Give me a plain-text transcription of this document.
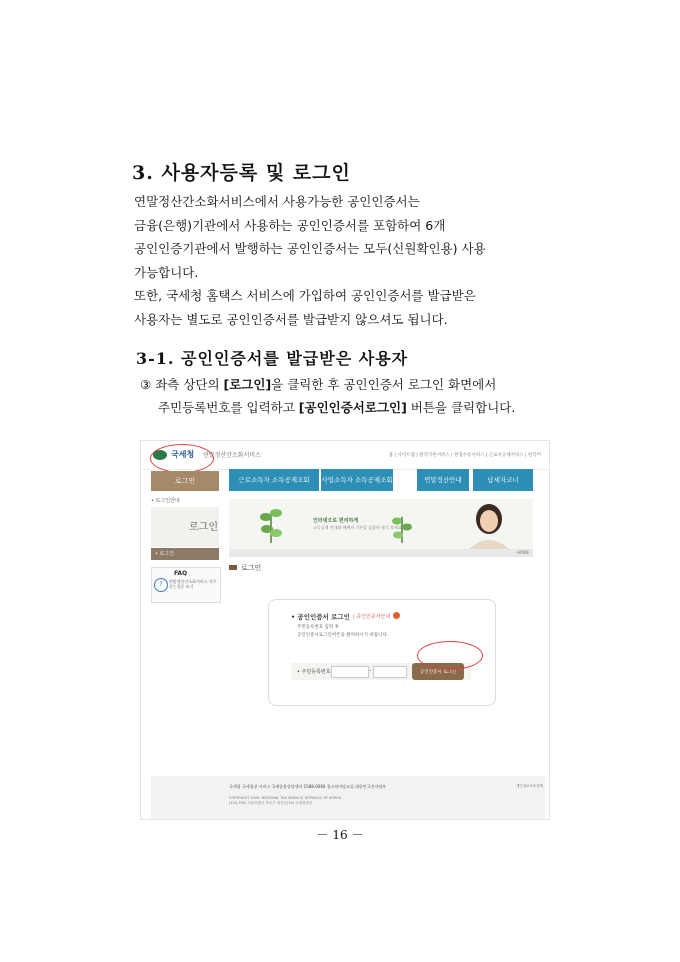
3. 사용자등록 및 로그인

연말정산간소화서비스에서 사용가능한 공인인증서는

금융(은행)기관에서 사용하는 공인인증서를 포함하여 6개

공인인증기관에서 발행하는 공인인증서는 모두(신원확인용) 사용

가능합니다.

또한, 국세청 홈택스 서비스에 가입하여 공인인증서를 발급받은

사용자는 별도로 공인인증서를 발급받지 않으셔도 됩니다.

3-1. 공인인증서를 발급받은 사용자

③ 좌측 상단의 [로그인]을 클릭한 후 공인인증서 로그인 화면에서

주민등록번호를 입력하고 [공인인증서로그인] 버튼을 클릭합니다.

국세청 연말정산간소화서비스	홈 | 사이트맵 | 원격지원서비스 | 원접수증서비스 | 근로자공제서비스 | 한국어
로그인	근로소득자 소득공제조회	사업소득자 소득공제조회	연말정산안내	납세자코너
• 로그인안내
로그인
• 로그인
?
FAQ
연말정산간소화서비스 자주묻는질문 보기
인터넷으로 편리하게
소득공제 안내와 혜택의 기본을 꼼꼼히 챙기 보세요.
HOME
로그인
• 공인인증서 로그인 | 공인인증서안내
주민등록번호 입력 후
공인인증서로그인버튼을 클릭하시기 바랍니다.
• 주민등록번호	-	공인인증서 로그인
국세청 국세청장 서비스 국세종합상담센터 1588-0060 청소년마당교실 대한민국전자정부	개인정보보호정책
COPYRIGHT 2009. NATIONAL TAX SERVICE. REPUBLIC OF KOREA
(110-760) 서울특별시 종로구 청진동(19) 국세청빌딩
－ 16 －
